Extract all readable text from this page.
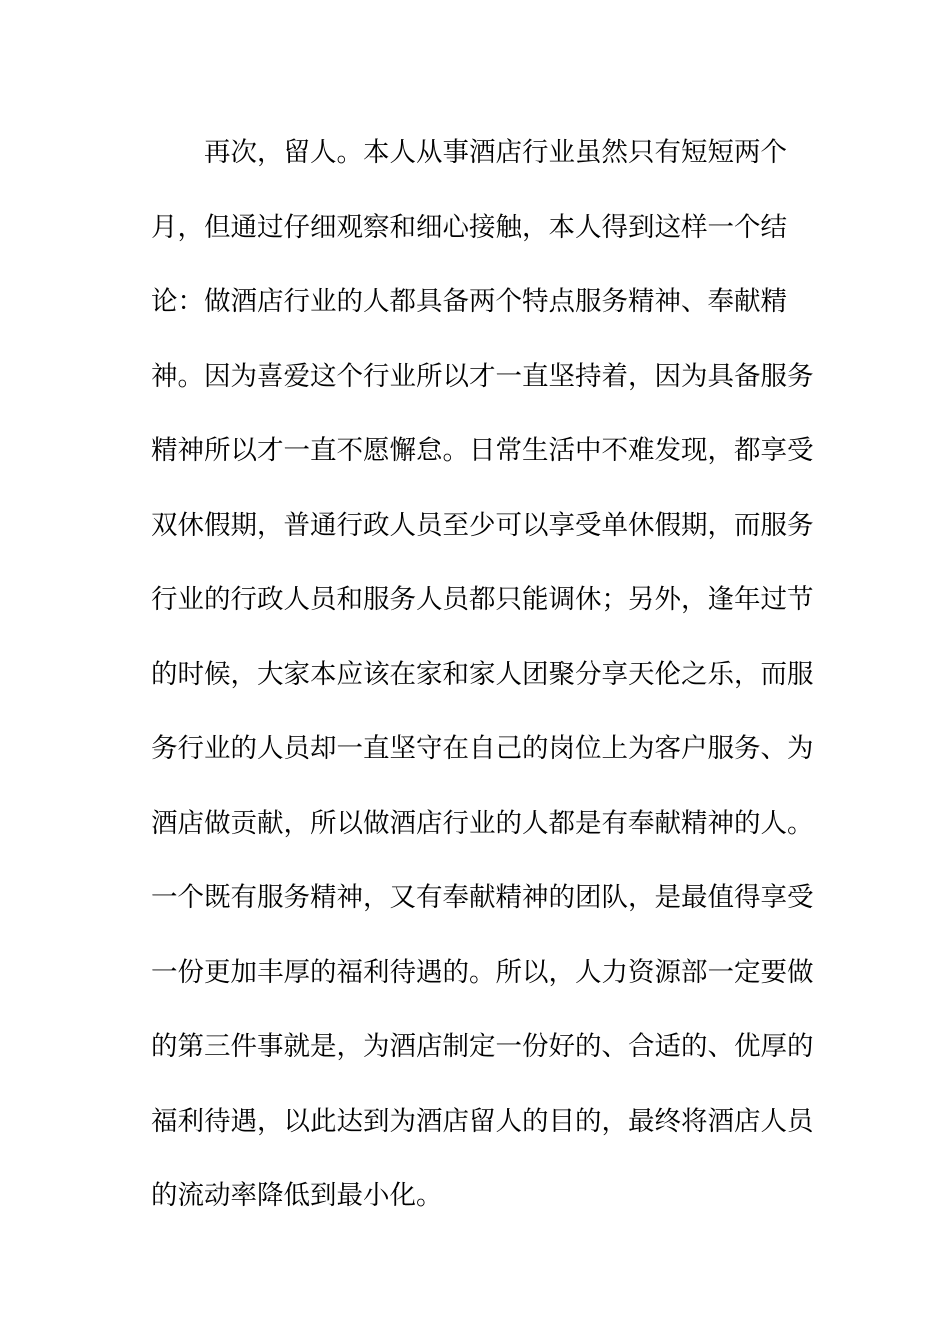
　　再次，留人。本人从事酒店行业虽然只有短短两个
月，但通过仔细观察和细心接触，本人得到这样一个结
论：做酒店行业的人都具备两个特点服务精神、奉献精
神。因为喜爱这个行业所以才一直坚持着，因为具备服务
精神所以才一直不愿懈怠。日常生活中不难发现，都享受
双休假期，普通行政人员至少可以享受单休假期，而服务
行业的行政人员和服务人员都只能调休；另外，逢年过节
的时候，大家本应该在家和家人团聚分享天伦之乐，而服
务行业的人员却一直坚守在自己的岗位上为客户服务、为
酒店做贡献，所以做酒店行业的人都是有奉献精神的人。
一个既有服务精神，又有奉献精神的团队，是最值得享受
一份更加丰厚的福利待遇的。所以，人力资源部一定要做
的第三件事就是，为酒店制定一份好的、合适的、优厚的
福利待遇，以此达到为酒店留人的目的，最终将酒店人员
的流动率降低到最小化。
